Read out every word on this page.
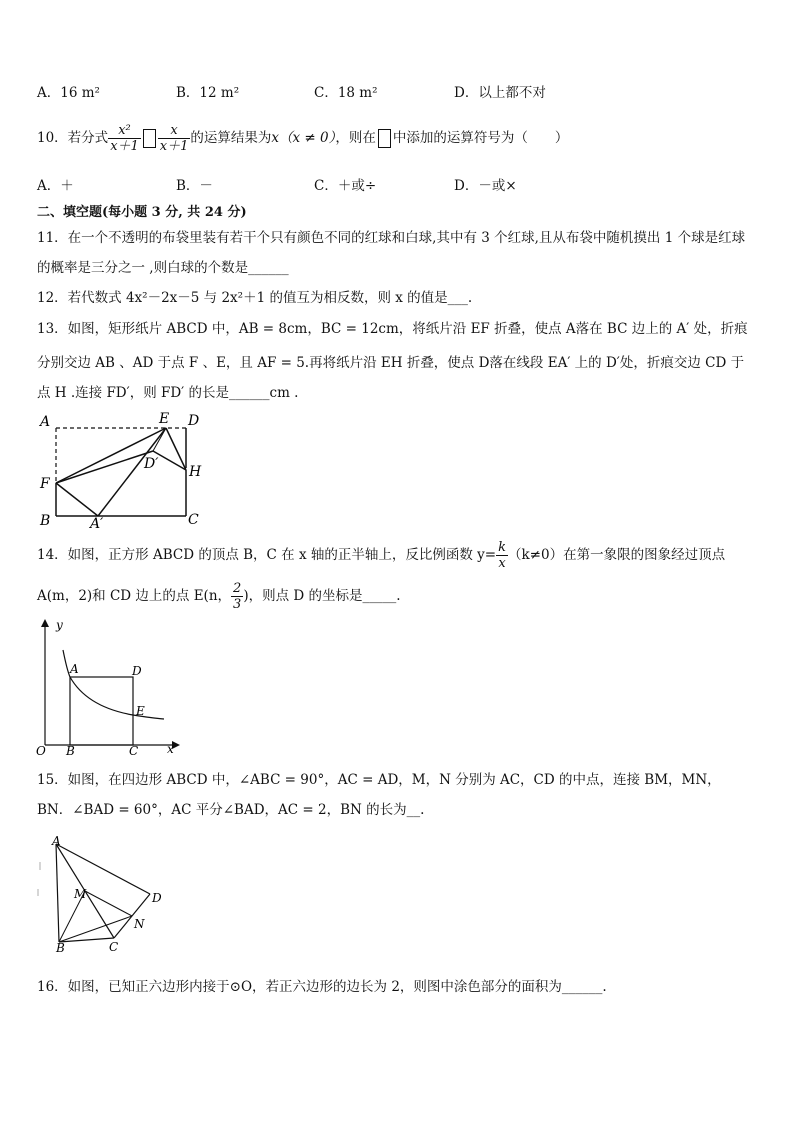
A．16 m²	B．12 m²	C．18 m²	D．以上都不对
10．若分式 $\frac{\text{x²}}{x+1} \frac{x}{x+1}$ 的运算结果为x（x ≠ 0），则在 中添加的运算符号为（　　）
A．＋	B．－	C．＋或÷	D．－或×
二、填空题(每小题 3 分, 共 24 分)
11．在一个不透明的布袋里装有若干个只有颜色不同的红球和白球,其中有 3 个红球,且从布袋中随机摸出 1 个球是红球
的概率是三分之一 ,则白球的个数是______
12．若代数式 4x²－2x－5 与 2x²＋1 的值互为相反数，则 x 的值是___.
13．如图，矩形纸片 ABCD 中，AB = 8cm，BC = 12cm，将纸片沿 EF 折叠，使点 A落在 BC 边上的 A′ 处，折痕
分别交边 AB 、AD 于点 F 、E，且 AF = 5.再将纸片沿 EH 折叠，使点 D落在线段 EA′ 上的 D′处，折痕交边 CD 于
点 H .连接 FD′，则 FD′ 的长是______cm .
A	E D
D′
F
H
B	A′	C
14．如图，正方形 ABCD 的顶点 B，C 在 x 轴的正半轴上，反比例函数 $y= \frac{k}{x} (k\ne 0)$在第一象限的图象经过顶点
A(m，2)和 CD 边上的点 E(n， $\frac{2}{3}$ )，则点 D 的坐标是_____.
y
A	D
E
O B	C x
15．如图，在四边形 ABCD 中，∠ABC = 90°，AC = AD，M，N 分别为 AC，CD 的中点，连接 BM，MN，
BN．∠BAD = 60°，AC 平分∠BAD，AC = 2，BN 的长为__.
A
M	D
N
B	C
16．如图，已知正六边形内接于⊙O，若正六边形的边长为 2，则图中涂色部分的面积为______.
